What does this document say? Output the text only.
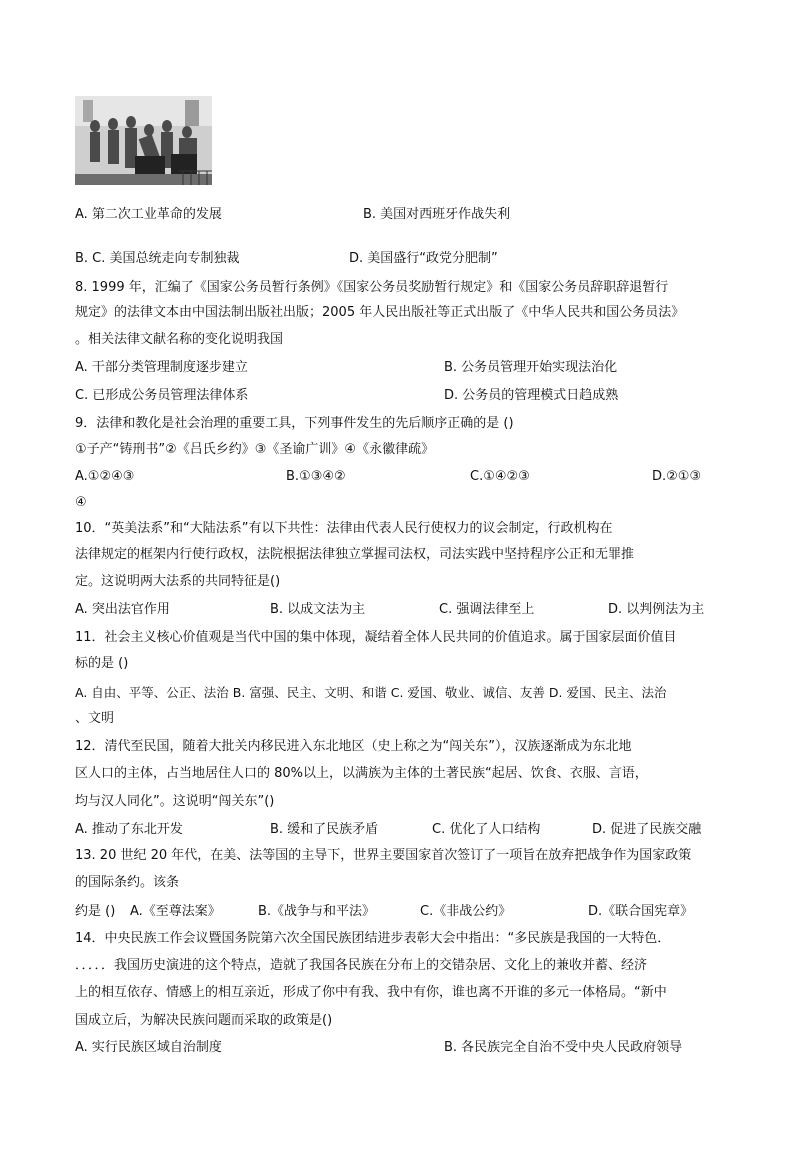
A. 第二次工业革命的发展	B. 美国对西班牙作战失利
B. C. 美国总统走向专制独裁	D. 美国盛行“政党分肥制”
8. 1999 年，汇编了《国家公务员暂行条例》《国家公务员奖励暂行规定》和《国家公务员辞职辞退暂行
规定》的法律文本由中国法制出版社出版；2005 年人民出版社等正式出版了《中华人民共和国公务员法》
。相关法律文献名称的变化说明我国
A. 干部分类管理制度逐步建立	B. 公务员管理开始实现法治化
C. 已形成公务员管理法律体系	D. 公务员的管理模式日趋成熟
9．法律和教化是社会治理的重要工具，下列事件发生的先后顺序正确的是 ()
①子产“铸刑书”②《吕氏乡约》③《圣谕广训》④《永徽律疏》
A.①②④③	B.①③④②	C.①④②③	D.②①③
④
10．“英美法系”和“大陆法系”有以下共性：法律由代表人民行使权力的议会制定，行政机构在
法律规定的框架内行使行政权，法院根据法律独立掌握司法权，司法实践中坚持程序公正和无罪推
定。这说明两大法系的共同特征是()
A. 突出法官作用	B. 以成文法为主	C. 强调法律至上	D. 以判例法为主
11．社会主义核心价值观是当代中国的集中体现，凝结着全体人民共同的价值追求。属于国家层面价值目
标的是 ()
A. 自由、平等、公正、法治 B. 富强、民主、文明、和谐 C. 爱国、敬业、诚信、友善 D. 爱国、民主、法治
、文明
12．清代至民国，随着大批关内移民进入东北地区（史上称之为“闯关东”），汉族逐渐成为东北地
区人口的主体，占当地居住人口的 80%以上，以满族为主体的土著民族“起居、饮食、衣服、言语，
均与汉人同化”。这说明“闯关东”()
A. 推动了东北开发	B. 缓和了民族矛盾	C. 优化了人口结构	D. 促进了民族交融
13. 20 世纪 20 年代，在美、法等国的主导下，世界主要国家首次签订了一项旨在放弃把战争作为国家政策
的国际条约。该条
约是 () A.《至尊法案》	B.《战争与和平法》	C.《非战公约》	D.《联合国宪章》
14．中央民族工作会议暨国务院第六次全国民族团结进步表彰大会中指出：“多民族是我国的一大特色．
．．．．．我国历史演进的这个特点，造就了我国各民族在分布上的交错杂居、文化上的兼收并蓄、经济
上的相互依存、情感上的相互亲近，形成了你中有我、我中有你，谁也离不开谁的多元一体格局。“新中
国成立后，为解决民族问题而采取的政策是()
A. 实行民族区域自治制度	B. 各民族完全自治不受中央人民政府领导
